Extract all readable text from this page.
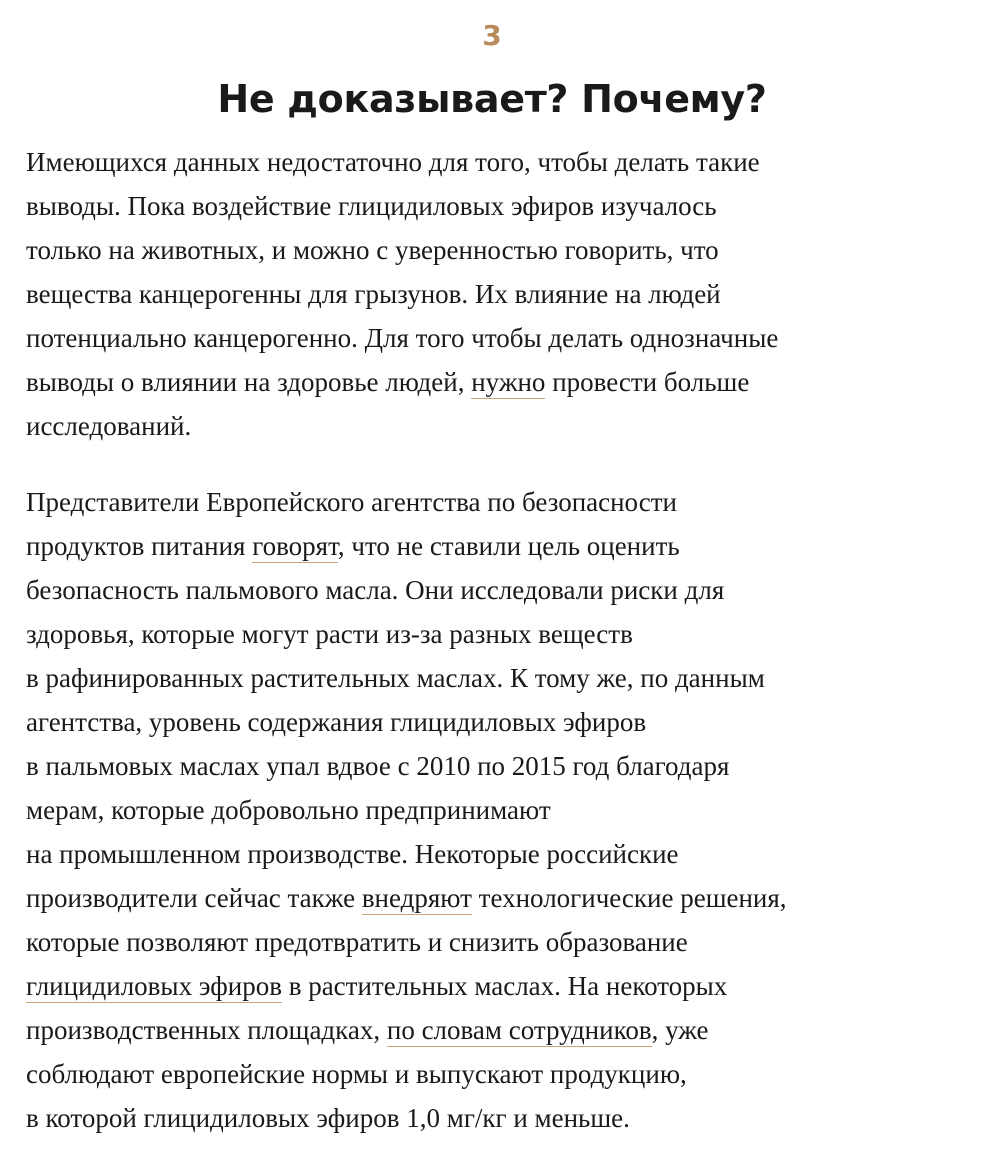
3
Не доказывает? Почему?

Имеющихся данных недостаточно для того, чтобы делать такие
выводы. Пока воздействие глицидиловых эфиров изучалось
только на животных, и можно с уверенностью говорить, что
вещества канцерогенны для грызунов. Их влияние на людей
потенциально канцерогенно. Для того чтобы делать однозначные
выводы о влиянии на здоровье людей, нужно провести больше
исследований.

Представители Европейского агентства по безопасности
продуктов питания говорят, что не ставили цель оценить
безопасность пальмового масла. Они исследовали риски для
здоровья, которые могут расти из-за разных веществ
в рафинированных растительных маслах. К тому же, по данным
агентства, уровень содержания глицидиловых эфиров
в пальмовых маслах упал вдвое с 2010 по 2015 год благодаря
мерам, которые добровольно предпринимают
на промышленном производстве. Некоторые российские
производители сейчас также внедряют технологические решения,
которые позволяют предотвратить и снизить образование
глицидиловых эфиров в растительных маслах. На некоторых
производственных площадках, по словам сотрудников, уже
соблюдают европейские нормы и выпускают продукцию,
в которой глицидиловых эфиров 1,0 мг/кг и меньше.
